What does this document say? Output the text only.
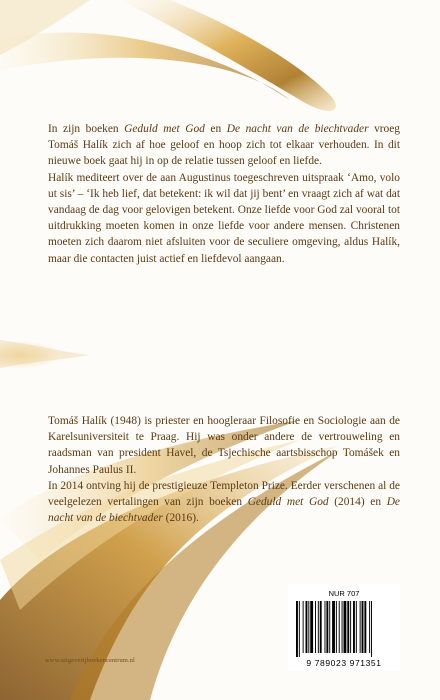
In zijn boeken Geduld met God en De nacht van de biechtvader vroeg Tomáš Halík zich af hoe geloof en hoop zich tot elkaar verhouden. In dit nieuwe boek gaat hij in op de relatie tussen geloof en liefde.

Halík mediteert over de aan Augustinus toegeschreven uitspraak ‘Amo, volo ut sis’ – ‘Ik heb lief, dat betekent: ik wil dat jij bent’ en vraagt zich af wat dat vandaag de dag voor gelovigen betekent. Onze liefde voor God zal vooral tot uitdrukking moeten komen in onze liefde voor andere mensen. Christenen moeten zich daarom niet afsluiten voor de seculiere omgeving, aldus Halík, maar die contacten juist actief en liefdevol aangaan.

Tomáš Halík (1948) is priester en hoogleraar Filosofie en Sociologie aan de Karelsuniversiteit te Praag. Hij was onder andere de vertrouweling en raadsman van president Havel, de Tsjechische aartsbisschop Tomášek en Johannes Paulus II.

In 2014 ontving hij de prestigieuze Templeton Prize. Eerder verschenen al de veelgelezen vertalingen van zijn boeken Geduld met God (2014) en De nacht van de biechtvader (2016).

www.uitgeverijboekencentrum.nl
NUR 707
9 789023 971351
